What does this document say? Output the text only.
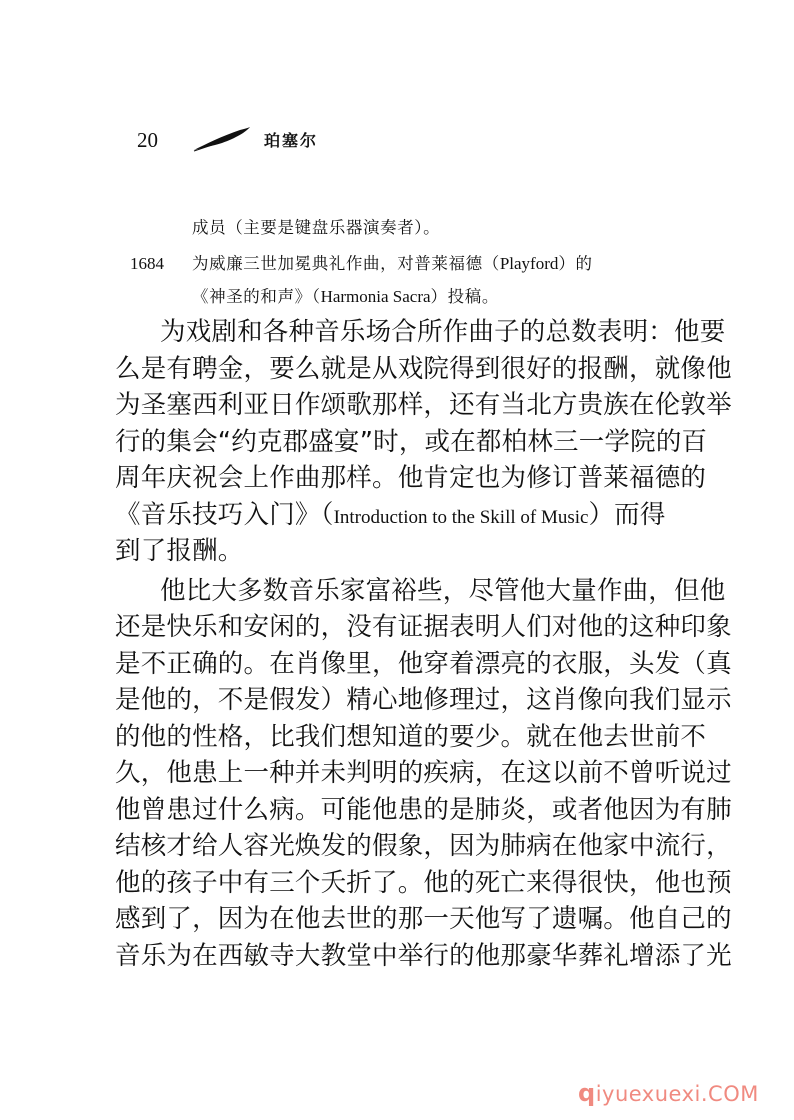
20	珀塞尔
成员（主要是键盘乐器演奏者）。
1684 为威廉三世加冕典礼作曲，对普莱福德（Playford）的
《神圣的和声》（Harmonia Sacra）投稿。
为戏剧和各种音乐场合所作曲子的总数表明：他要
么是有聘金，要么就是从戏院得到很好的报酬，就像他
为圣塞西利亚日作颂歌那样，还有当北方贵族在伦敦举
行的集会“约克郡盛宴”时，或在都柏林三一学院的百
周年庆祝会上作曲那样。他肯定也为修订普莱福德的
《音乐技巧入门》（Introduction to the Skill of Music）而得
到了报酬。
他比大多数音乐家富裕些，尽管他大量作曲，但他
还是快乐和安闲的，没有证据表明人们对他的这种印象
是不正确的。在肖像里，他穿着漂亮的衣服，头发（真
是他的，不是假发）精心地修理过，这肖像向我们显示
的他的性格，比我们想知道的要少。就在他去世前不
久，他患上一种并未判明的疾病，在这以前不曾听说过
他曾患过什么病。可能他患的是肺炎，或者他因为有肺
结核才给人容光焕发的假象，因为肺病在他家中流行，
他的孩子中有三个夭折了。他的死亡来得很快，他也预
感到了，因为在他去世的那一天他写了遗嘱。他自己的
音乐为在西敏寺大教堂中举行的他那豪华葬礼增添了光
qiyuexuexi.COM
